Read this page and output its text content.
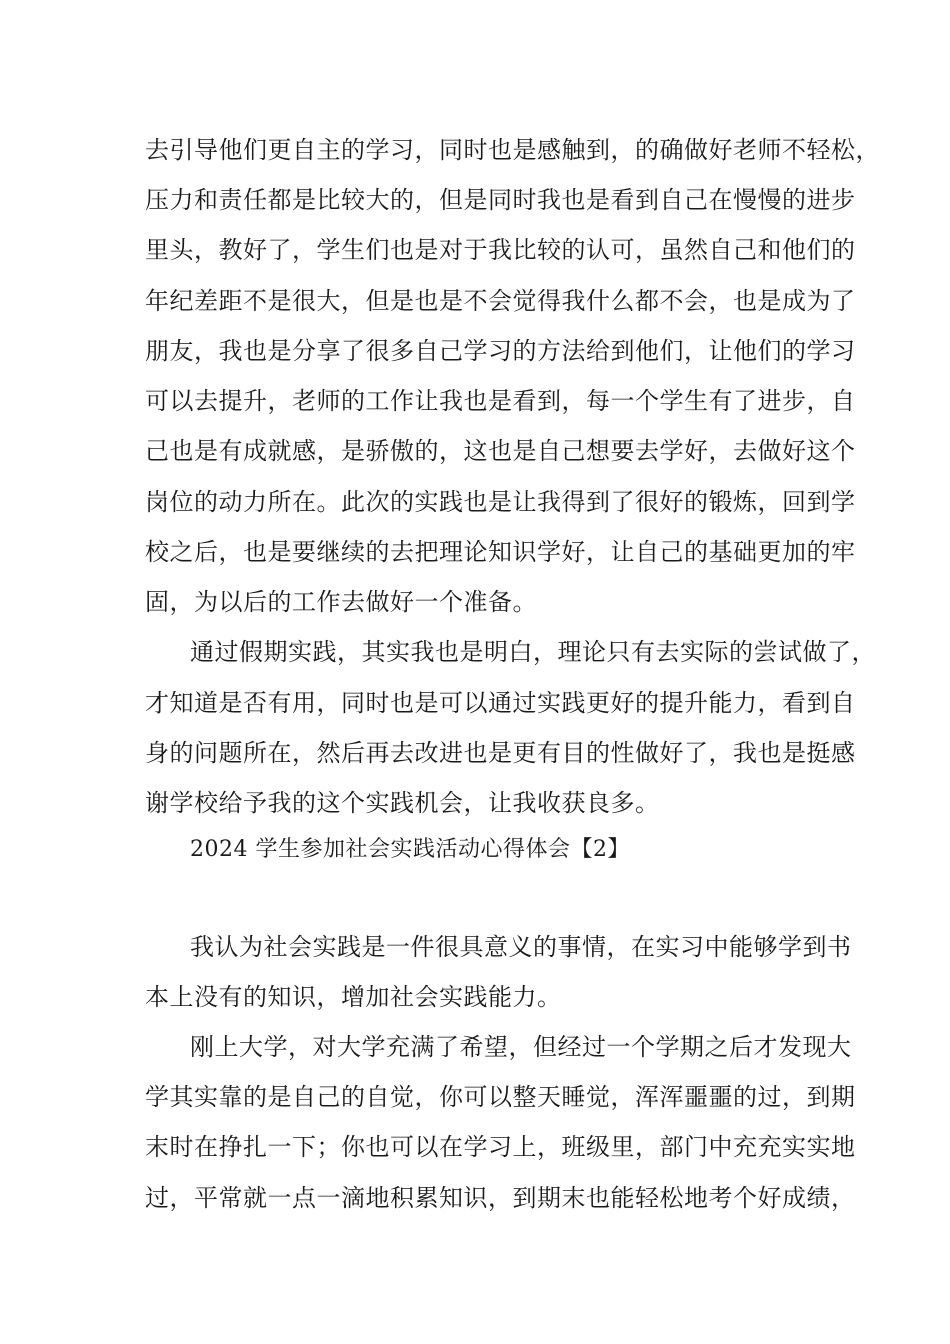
去引导他们更自主的学习，同时也是感触到，的确做好老师不轻松，
压力和责任都是比较大的，但是同时我也是看到自己在慢慢的进步
里头，教好了，学生们也是对于我比较的认可，虽然自己和他们的
年纪差距不是很大，但是也是不会觉得我什么都不会，也是成为了
朋友，我也是分享了很多自己学习的方法给到他们，让他们的学习
可以去提升，老师的工作让我也是看到，每一个学生有了进步，自
己也是有成就感，是骄傲的，这也是自己想要去学好，去做好这个
岗位的动力所在。此次的实践也是让我得到了很好的锻炼，回到学
校之后，也是要继续的去把理论知识学好，让自己的基础更加的牢
固，为以后的工作去做好一个准备。
通过假期实践，其实我也是明白，理论只有去实际的尝试做了，
才知道是否有用，同时也是可以通过实践更好的提升能力，看到自
身的问题所在，然后再去改进也是更有目的性做好了，我也是挺感
谢学校给予我的这个实践机会，让我收获良多。
2024 学生参加社会实践活动心得体会【2】
我认为社会实践是一件很具意义的事情，在实习中能够学到书
本上没有的知识，增加社会实践能力。
刚上大学，对大学充满了希望，但经过一个学期之后才发现大
学其实靠的是自己的自觉，你可以整天睡觉，浑浑噩噩的过，到期
末时在挣扎一下；你也可以在学习上，班级里，部门中充充实实地
过，平常就一点一滴地积累知识，到期末也能轻松地考个好成绩，
